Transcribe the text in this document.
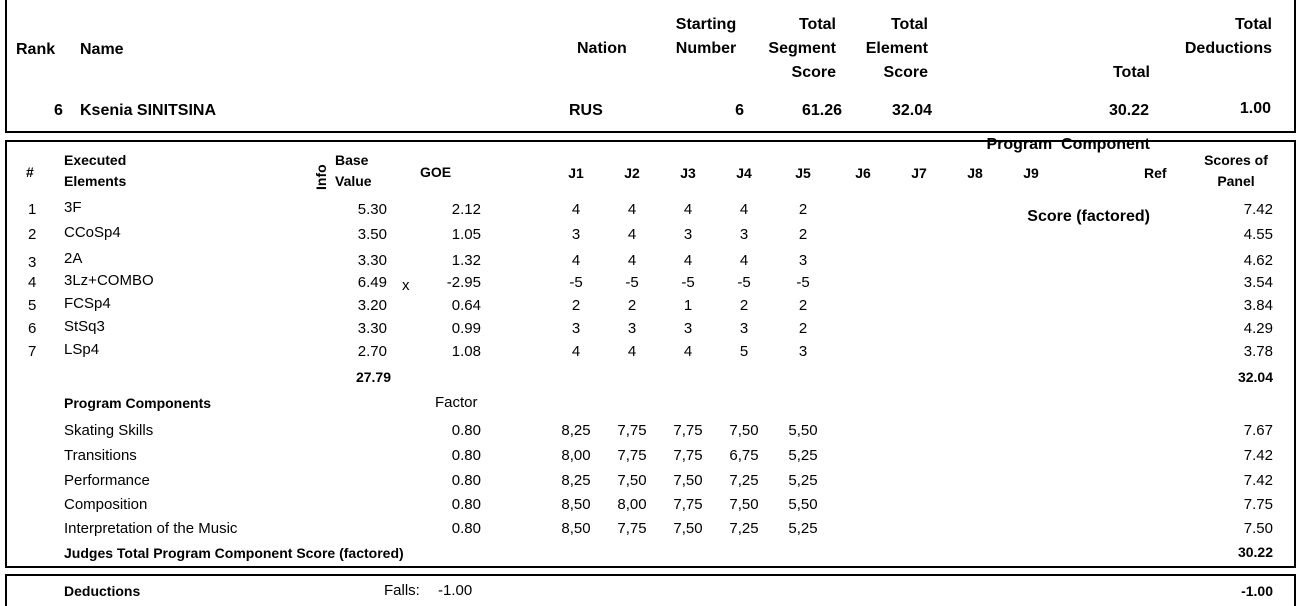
Rank Name	Nation
Starting
Number
Total
Segment
Score
Total
Element
Score

	Total

Program  Component

Score (factored)

Total
Deductions
6 Ksenia SINITSINA	RUS	6	61.26	32.04	30.22	1.00
#
Executed
Elements	Info
Base
Value
GOE	J1	J2	J3	J4	J5	J6	J7	J8	J9	Ref
Scores of
Panel
1	3F	5.30	2.12	4	4	4	4	2	7.42
2	CCoSp4	3.50	1.05	3	4	3	3	2	4.55
3	2A	3.30	1.32	4	4	4	4	3	4.62
4	3Lz+COMBO	6.49 x	-2.95	-5	-5	-5	-5	-5	3.54
5	FCSp4	3.20	0.64	2	2	1	2	2	3.84
6	StSq3	3.30	0.99	3	3	3	3	2	4.29
7	LSp4	2.70	1.08	4	4	4	5	3	3.78
27.79	32.04
Program Components	Factor
Skating Skills	0.80	8,25	7,75	7,75	7,50	5,50	7.67
Transitions	0.80	8,00	7,75	7,75	6,75	5,25	7.42
Performance	0.80	8,25	7,50	7,50	7,25	5,25	7.42
Composition	0.80	8,50	8,00	7,75	7,50	5,50	7.75
Interpretation of the Music	0.80	8,50	7,75	7,50	7,25	5,25	7.50
Judges Total Program Component Score (factored)	30.22
Deductions	Falls: -1.00	-1.00
